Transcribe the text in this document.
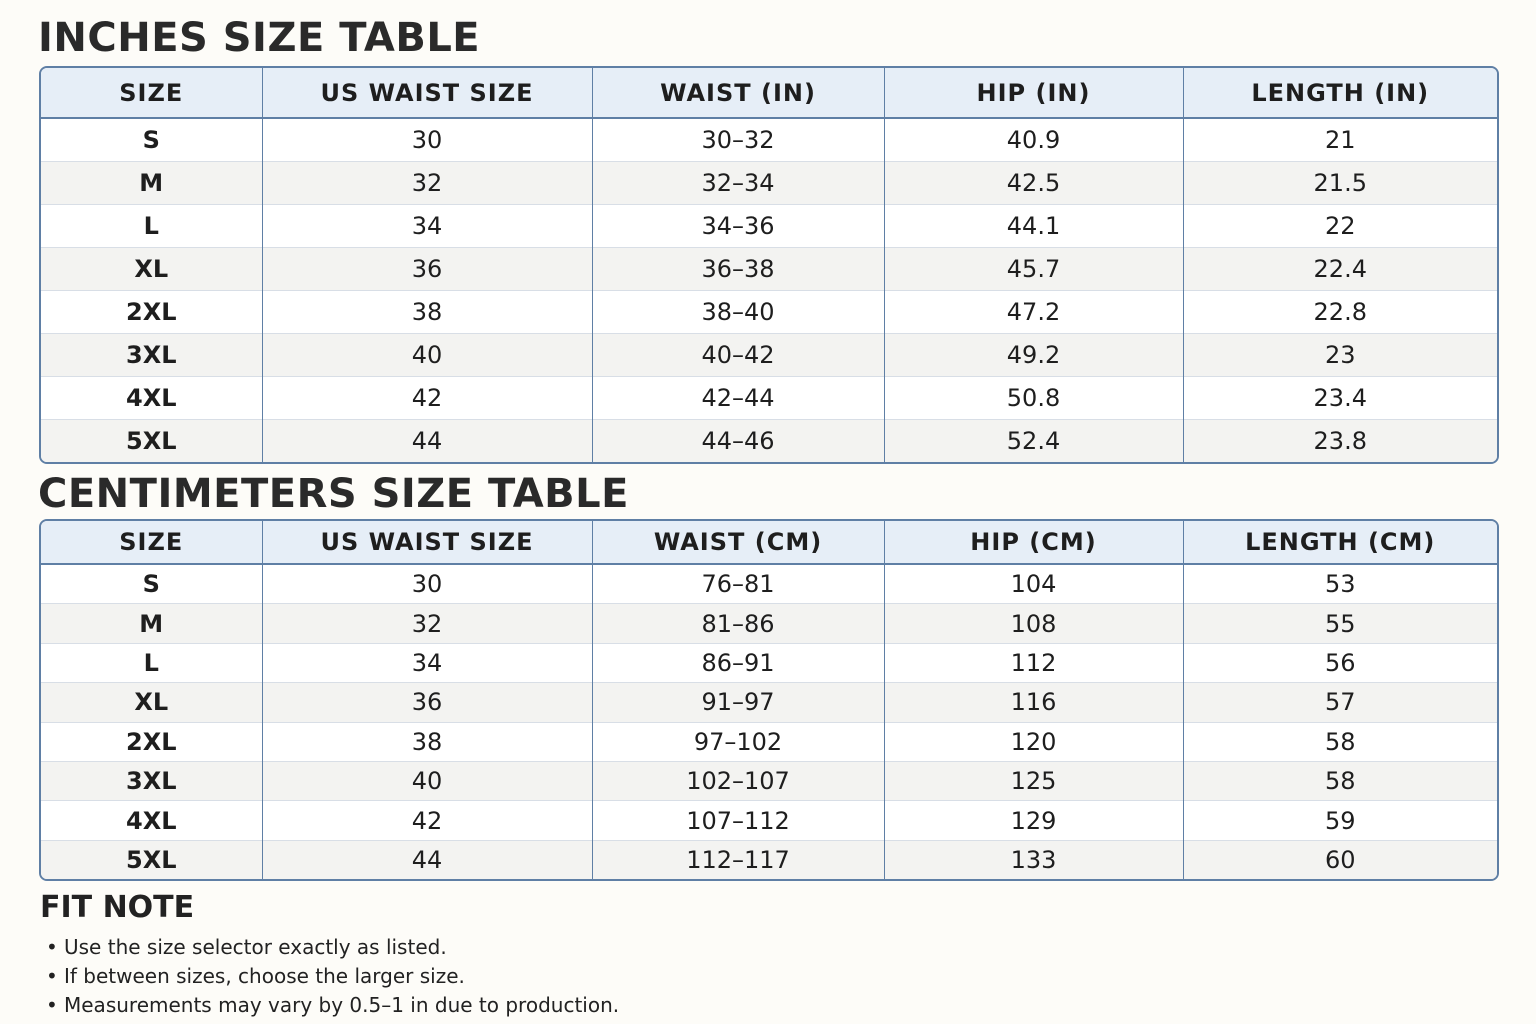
INCHES SIZE TABLE
SIZE	US WAIST SIZE	WAIST (IN)	HIP (IN)	LENGTH (IN)
S	30	30–32	40.9	21
M	32	32–34	42.5	21.5
L	34	34–36	44.1	22
XL	36	36–38	45.7	22.4
2XL	38	38–40	47.2	22.8
3XL	40	40–42	49.2	23
4XL	42	42–44	50.8	23.4
5XL	44	44–46	52.4	23.8
CENTIMETERS SIZE TABLE
SIZE	US WAIST SIZE	WAIST (CM)	HIP (CM)	LENGTH (CM)
S	30	76–81	104	53
M	32	81–86	108	55
L	34	86–91	112	56
XL	36	91–97	116	57
2XL	38	97–102	120	58
3XL	40	102–107	125	58
4XL	42	107–112	129	59
5XL	44	112–117	133	60
FIT NOTE
• Use the size selector exactly as listed.
• If between sizes, choose the larger size.
• Measurements may vary by 0.5–1 in due to production.
